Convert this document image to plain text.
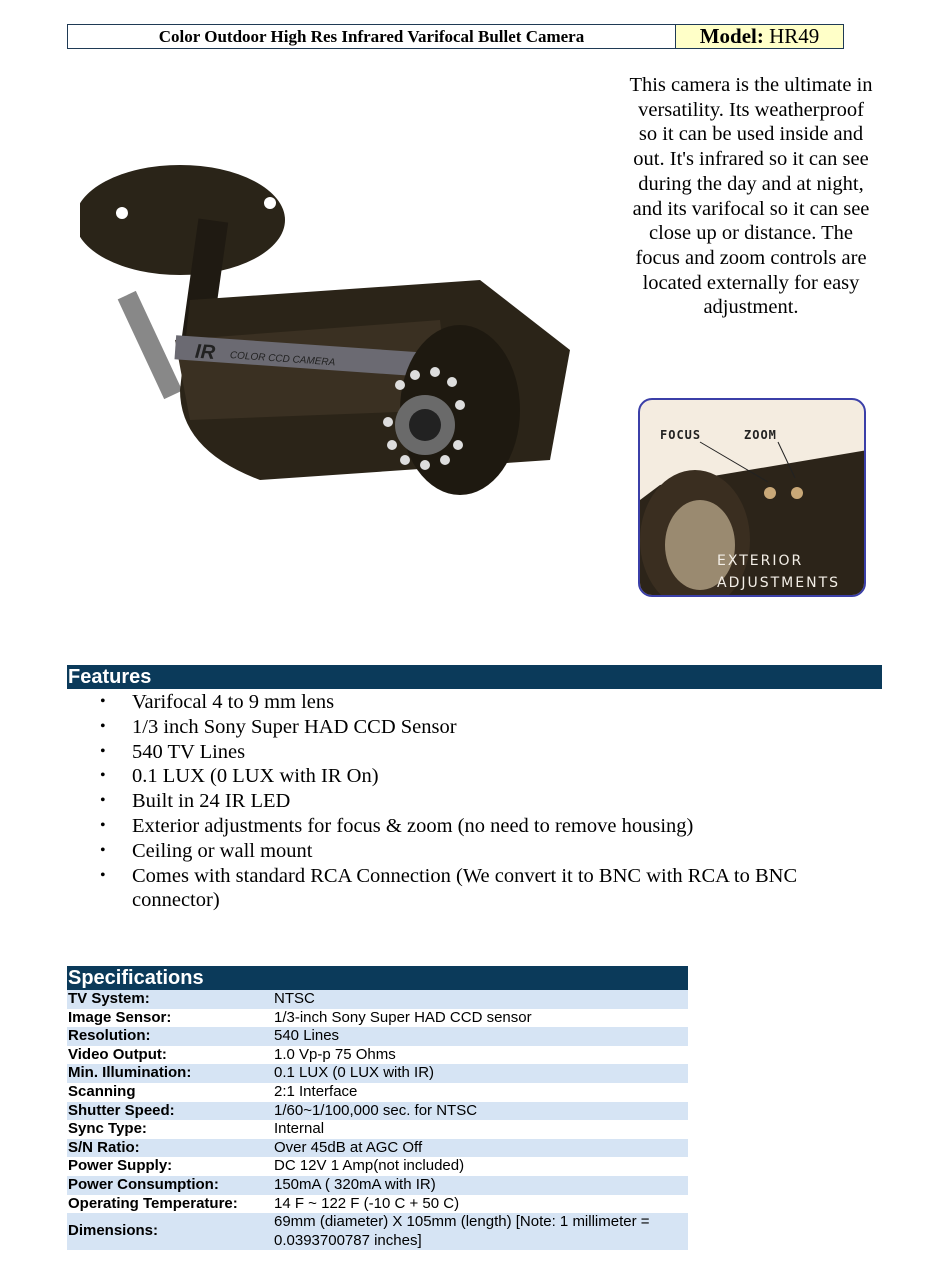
Color Outdoor High Res Infrared Varifocal Bullet Camera	Model: HR49
This camera is the ultimate in versatility. Its weatherproof so it can be used inside and out. It's infrared so it can see during the day and at night, and its varifocal so it can see close up or distance. The focus and zoom controls are located externally for easy adjustment.
IR COLOR CCD CAMERA
FOCUS	ZOOM
EXTERIOR
ADJUSTMENTS
Features
• Varifocal 4 to 9 mm lens
• 1/3 inch Sony Super HAD CCD Sensor
• 540 TV Lines
• 0.1 LUX (0 LUX with IR On)
• Built in 24 IR LED
• Exterior adjustments for focus & zoom (no need to remove housing)
• Ceiling or wall mount
• Comes with standard RCA Connection (We convert it to BNC with RCA to BNC connector)
Specifications
TV System:	NTSC
Image Sensor:	1/3-inch Sony Super HAD CCD sensor
Resolution:	540 Lines
Video Output:	1.0 Vp-p 75 Ohms
Min. Illumination:	0.1 LUX (0 LUX with IR)
Scanning	2:1 Interface
Shutter Speed:	1/60~1/100,000 sec. for NTSC
Sync Type:	Internal
S/N Ratio:	Over 45dB at AGC Off
Power Supply:	DC 12V 1 Amp(not included)
Power Consumption:	150mA ( 320mA with IR)
Operating Temperature:	14 F ~ 122 F (-10 C + 50 C)
Dimensions:	69mm (diameter) X 105mm (length) [Note: 1 millimeter = 0.0393700787 inches]
